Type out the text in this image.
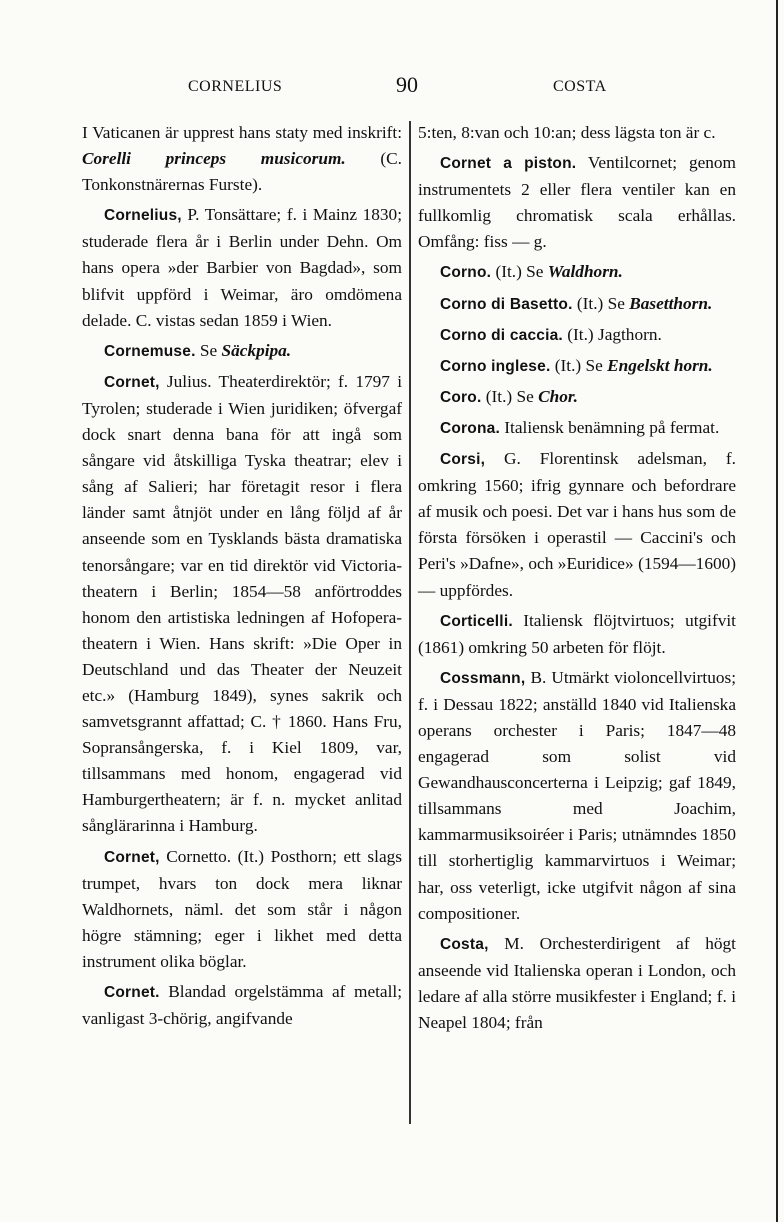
CORNELIUS	90	COSTA

I Vaticanen är upprest hans staty med inskrift: Corelli princeps musicorum. (C. Tonkonstnärernas Furste).

Cornelius, P. Tonsättare; f. i Mainz 1830; studerade flera år i Berlin under Dehn. Om hans opera »der Barbier von Bagdad», som blifvit uppförd i Weimar, äro omdömena delade. C. vistas sedan 1859 i Wien.

Cornemuse. Se Säckpipa.

Cornet, Julius. Theaterdirektör; f. 1797 i Tyrolen; studerade i Wien juridiken; öfvergaf dock snart denna bana för att ingå som sångare vid åtskilliga Tyska theatrar; elev i sång af Salieri; har företagit resor i flera länder samt åtnjöt under en lång följd af år anseende som en Tysklands bästa dramatiska tenorsångare; var en tid direktör vid Victoria-theatern i Berlin; 1854—58 anförtroddes honom den artistiska ledningen af Hofopera-theatern i Wien. Hans skrift: »Die Oper in Deutschland und das Theater der Neuzeit etc.» (Hamburg 1849), synes sakrik och samvetsgrannt affattad; C. † 1860. Hans Fru, Sopransångerska, f. i Kiel 1809, var, tillsammans med honom, engagerad vid Hamburgertheatern; är f. n. mycket anlitad sånglärarinna i Hamburg.

Cornet, Cornetto. (It.) Posthorn; ett slags trumpet, hvars ton dock mera liknar Waldhornets, näml. det som står i någon högre stämning; eger i likhet med detta instrument olika böglar.

Cornet. Blandad orgelstämma af metall; vanligast 3-chörig, angifvande

5:ten, 8:van och 10:an; dess lägsta ton är c.

Cornet a piston. Ventilcornet; genom instrumentets 2 eller flera ventiler kan en fullkomlig chromatisk scala erhållas. Omfång: fiss — g.

Corno. (It.) Se Waldhorn.

Corno di Basetto. (It.) Se Basetthorn.

Corno di caccia. (It.) Jagthorn.

Corno inglese. (It.) Se Engelskt horn.

Coro. (It.) Se Chor.

Corona. Italiensk benämning på fermat.

Corsi, G. Florentinsk adelsman, f. omkring 1560; ifrig gynnare och befordrare af musik och poesi. Det var i hans hus som de första försöken i operastil — Caccini's och Peri's »Dafne», och »Euridice» (1594—1600) — uppfördes.

Corticelli. Italiensk flöjtvirtuos; utgifvit (1861) omkring 50 arbeten för flöjt.

Cossmann, B. Utmärkt violoncellvirtuos; f. i Dessau 1822; anställd 1840 vid Italienska operans orchester i Paris; 1847—48 engagerad som solist vid Gewandhausconcerterna i Leipzig; gaf 1849, tillsammans med Joachim, kammarmusiksoiréer i Paris; utnämndes 1850 till storhertiglig kammarvirtuos i Weimar; har, oss veterligt, icke utgifvit någon af sina compositioner.

Costa, M. Orchesterdirigent af högt anseende vid Italienska operan i London, och ledare af alla större musikfester i England; f. i Neapel 1804; från
